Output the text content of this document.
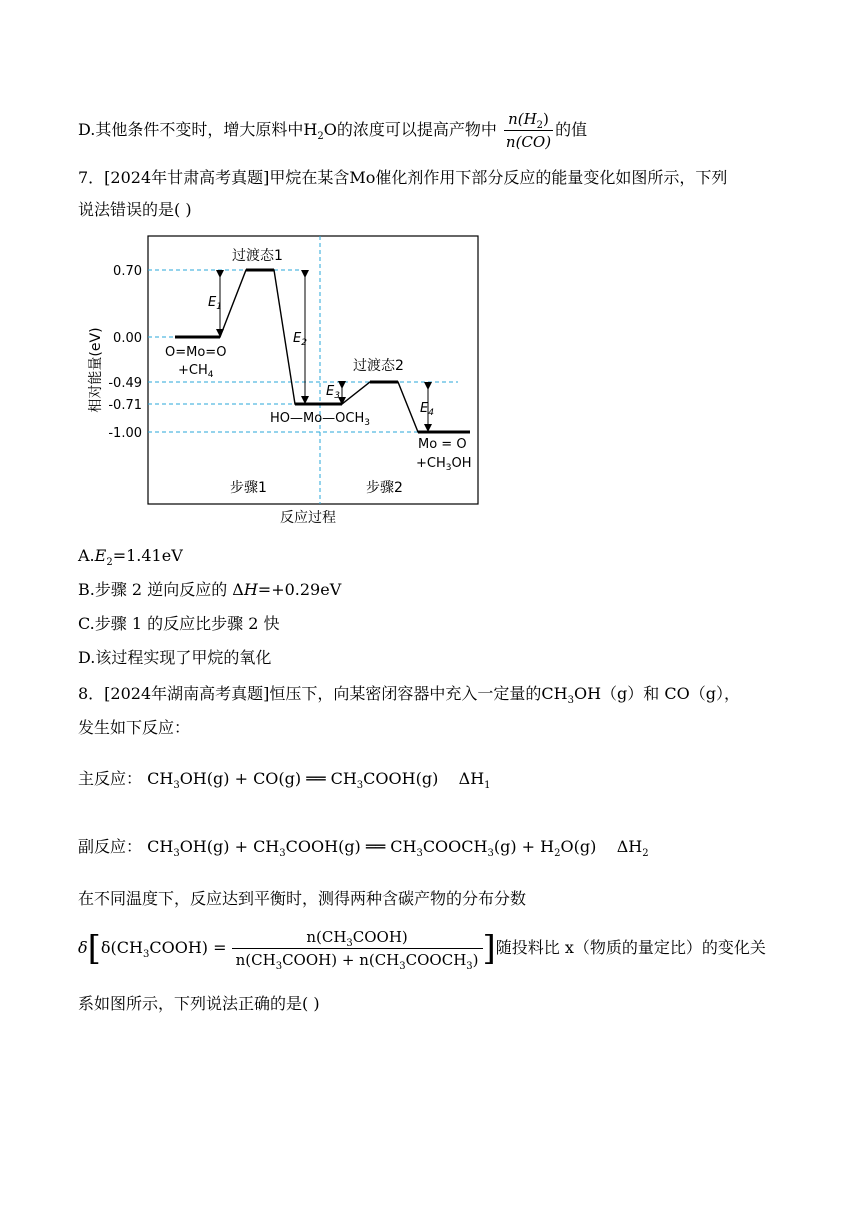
D.其他条件不变时，增大原料中$H_2O$的浓度可以提高产物中 $\frac{n(H_2)}{n(CO)}$ 的值
7．[2024年甘肃高考真题]甲烷在某含Mo催化剂作用下部分反应的能量变化如图所示，下列
说法错误的是( )
0.70
0.00
-0.49
-0.71
-1.00
相对能量(eV)
$E_1$
$E_2$
$E_3$
$E_4$
过渡态1
过渡态2
O=Mo=O
$+CH_4$
$HO—Mo—OCH_3$
Mo = O
$+CH_3OH$
步骤1	步骤2
反应过程
$A.E_2=1.41eV$
B.步骤 2 逆向反应的 ΔH=+0.29eV
C.步骤 1 的反应比步骤 2 快
D.该过程实现了甲烷的氧化
8．[2024年湖南高考真题]恒压下，向某密闭容器中充入一定量的$CH_3OH(g)$和 CO（g），
发生如下反应：
主反应： $CH_3OH(g) + CO(g)$ ══ $CH_3COOH(g)$ $\Delta H_1$
副反应： $CH_3OH(g)$ + $CH_3COOH(g)$ ══ $CH_3COOCH_3(g) + H_2O(g)$ $\Delta H_2$
在不同温度下，反应达到平衡时，测得两种含碳产物的分布分数
$\delta[\delta(CH_3COOH) = \frac{n(CH_3COOH)}{n(CH_3COOH) + n(CH_3COOCH_3)}$ ]随投料比 x（物质的量定比）的变化关
系如图所示，下列说法正确的是( )
